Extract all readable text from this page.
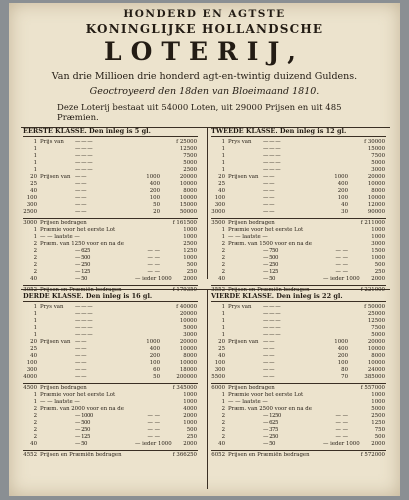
HONDERD EN AGTSTE
KONINGLIJKE HOLLANDSCHE
LOTERIJ,
Van drie Millioen drie honderd agt-en-twintig duizend Guldens.
Geoctroyeerd den 18den van Bloeimaand 1810.
Deze Loterij bestaat uit 54000 Loten, uit 29000 Prijsen en uit 485
Præmien.
EERSTE KLASSE. Den inleg is 5 gl.
1 Prijs van — — —	f 25000
1	— — —	12500
1	— — —	7500
1	— — —	5000
1	— — —	2500
20 Prijsen van — —	1000	20000
25	— —	400	10000
40	— —	200	8000
100	— —	100	10000
300	— —	50	15000
2500	— —	20	50000
3000 Prijsen bedragen	f 161500
1 Præmie voor het eerste Lot	1000
1 — — laatste —	1000
2 Præm. van 1250 voor en na de	2500
2	— 625	— —	1250
2	— 500	— —	1000
2	— 250	— —	500
2	— 125	— —	250
40	— 50	— ieder 1000	2000
3052 Prijsen en Præmiën bedragen	f 179350
TWEEDE KLASSE. Den inleg is 12 gl.
1 Prys van — — —	f 30000
1	— — —	15000
1	— — —	7500
1	— — —	5000
1	— — —	3000
20 Prijsen van — —	1000	20000
25	— —	400	10000
40	— —	200	8000
100	— —	100	10000
300	— —	40	12000
3000	— —	30	90000
3500 Prijsen bedragen	f 211000
1 Præmie voor het eerste Lot	1000
1 — — laatste —	1000
2 Præm. van 1500 voor en na de	3000
2	— 750	— —	1500
2	— 500	— —	1000
2	— 250	— —	500
2	— 125	— —	250
40	— 50	— ieder 1000	2000
3552 Prijsen en Præmiën bedragen	f 221000
DERDE KLASSE. Den inleg is 16 gl.
1 Prys van — — —	f 40000
1	— — —	20000
1	— — —	10000
1	— — —	5000
1	— — —	3000
20 Prijsen van — —	1000	20000
25	— —	400	10000
40	— —	200	8000
100	— —	100	10000
300	— —	60	18000
4000	— —	50	200000
4500 Prijsen bedragen	f 345000
1 Præmie voor het eerste Lot	1000
1 — — laatste —	1000
2 Præm. van 2000 voor en na de	4000
2	— 1000	— —	2000
2	— 500	— —	1000
2	— 250	— —	500
2	— 125	— —	250
40	— 50	— ieder 1000	2000
4552 Prijsen en Præmiën bedragen	f 366250
VIERDE KLASSE. Den inleg is 22 gl.
1 Prys van — — —	f 50000
1	— — —	25000
1	— — —	12500
1	— — —	7500
1	— — —	5000
20 Prijsen van — —	1000	20000
25	— —	400	10000
40	— —	200	8000
100	— —	100	10000
300	— —	80	24000
5500	— —	70	385000
6000 Prijsen bedragen	f 557000
1 Præmie voor het eerste Lot	1000
1 — — laatste —	1000
2 Præm. van 2500 voor en na de	5000
2	— 1250	— —	2500
2	— 625	— —	1250
2	— 375	— —	750
2	— 250	— —	500
40	— 50	— ieder 1000	2000
6052 Prijsen en Præmiën bedragen	f 572000
